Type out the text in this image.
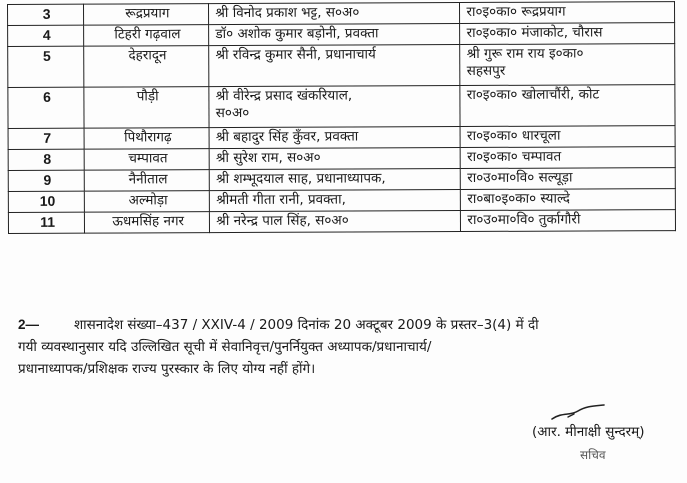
3	रूद्रप्रयाग	श्री विनोद प्रकाश भट्ट, स०अ०	रा०इ०का० रूद्रप्रयाग

4	टिहरी गढ़वाल	डॉ० अशोक कुमार बड़ोनी, प्रवक्ता	रा०इ०का० मंजाकोट, चौरास

5	देहरादून	श्री रविन्द्र कुमार सैनी, प्रधानाचार्य	श्री गुरू राम राय इ०का०
सहसपुर

6	पौड़ी	श्री वीरेन्द्र प्रसाद खंकरियाल,
स०अ०	रा०इ०का० खोलाचौंरी, कोट

7	पिथौरागढ़	श्री बहादुर सिंह कुँवर, प्रवक्ता	रा०इ०का० धारचूला

8	चम्पावत	श्री सुरेश राम, स०अ०	रा०इ०का० चम्पावत

9	नैनीताल	श्री शम्भूदयाल साह, प्रधानाध्यापक,	रा०उ०मा०वि० सल्यूड़ा

10	अल्मोड़ा	श्रीमती गीता रानी, प्रवक्ता,	रा०बा०इ०का० स्याल्दे

11	ऊधमसिंह नगर	श्री नरेन्द्र पाल सिंह, स०अ०	रा०उ०मा०वि० तुर्कागौरी
2—	शासनादेश संख्या–437 / XXIV-4 / 2009 दिनांक 20 अक्टूबर 2009 के प्रस्तर–3(4) में दी
गयी व्यवस्थानुसार यदि उल्लिखित सूची में सेवानिवृत्त/पुनर्नियुक्त अध्यापक/प्रधानाचार्य/
प्रधानाध्यापक/प्रशिक्षक राज्य पुरस्कार के लिए योग्य नहीं होंगे।
(आर. मीनाक्षी सुन्दरम्)
सचिव
